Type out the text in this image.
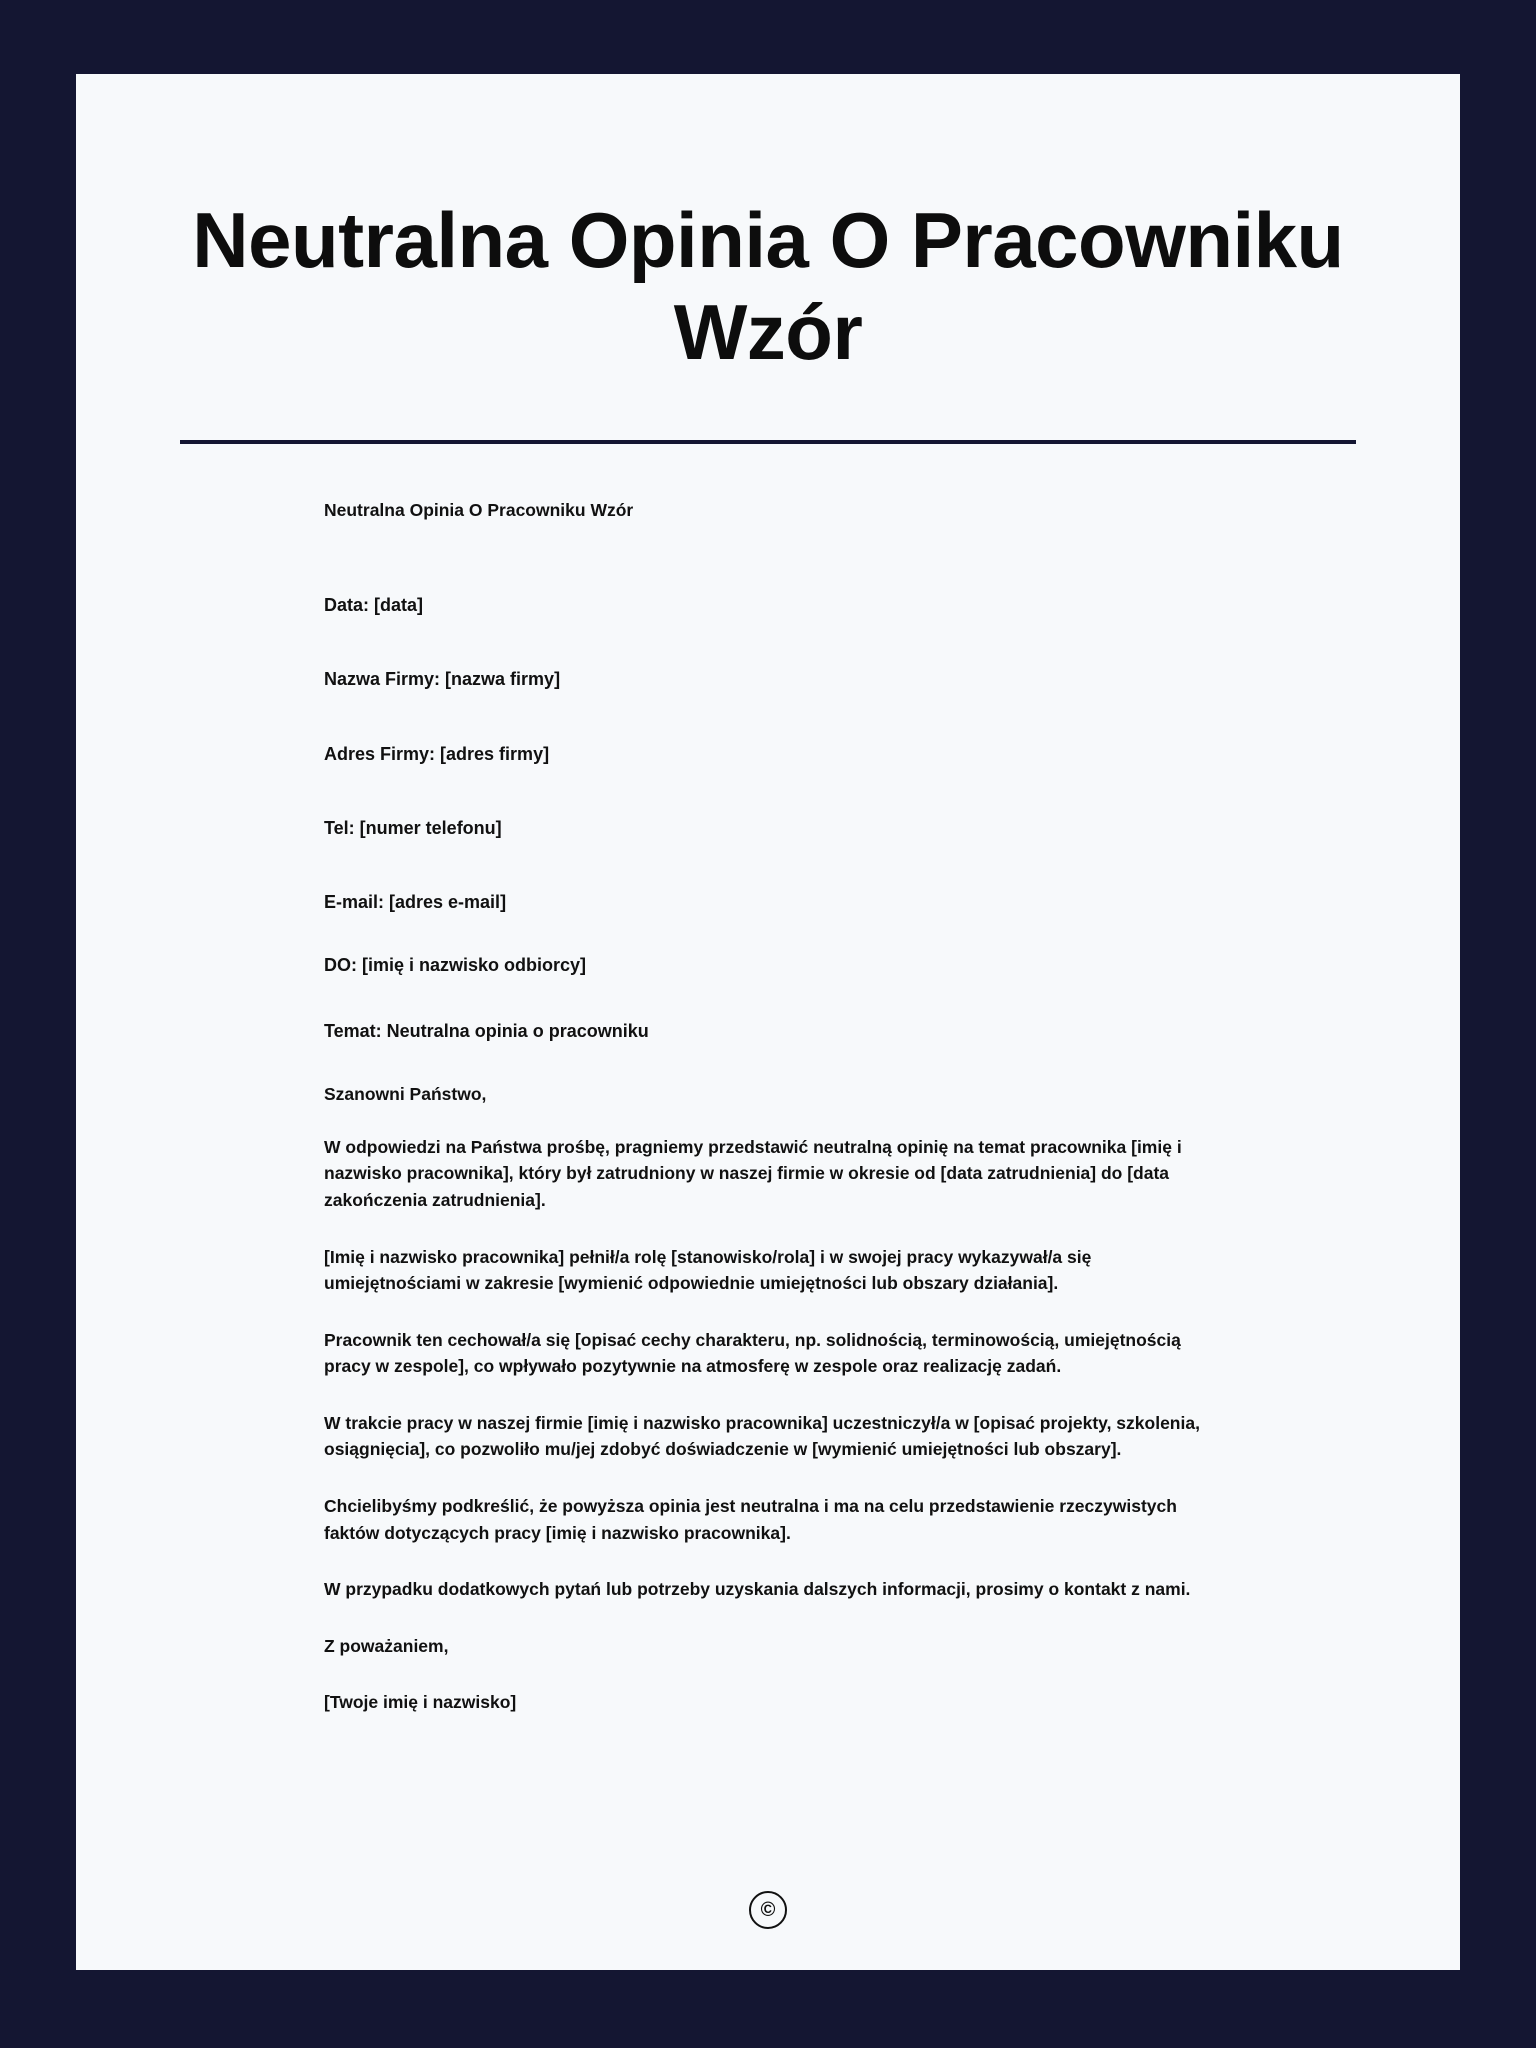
Neutralna Opinia O Pracowniku Wzór
Neutralna Opinia O Pracowniku Wzór
Data: [data]
Nazwa Firmy: [nazwa firmy]
Adres Firmy: [adres firmy]
Tel: [numer telefonu]
E-mail: [adres e-mail]
DO: [imię i nazwisko odbiorcy]
Temat: Neutralna opinia o pracowniku
Szanowni Państwo,

W odpowiedzi na Państwa prośbę, pragniemy przedstawić neutralną opinię na temat pracownika [imię i nazwisko pracownika], który był zatrudniony w naszej firmie w okresie od [data zatrudnienia] do [data zakończenia zatrudnienia].

[Imię i nazwisko pracownika] pełnił/a rolę [stanowisko/rola] i w swojej pracy wykazywał/a się umiejętnościami w zakresie [wymienić odpowiednie umiejętności lub obszary działania].

Pracownik ten cechował/a się [opisać cechy charakteru, np. solidnością, terminowością, umiejętnością pracy w zespole], co wpływało pozytywnie na atmosferę w zespole oraz realizację zadań.

W trakcie pracy w naszej firmie [imię i nazwisko pracownika] uczestniczył/a w [opisać projekty, szkolenia, osiągnięcia], co pozwoliło mu/jej zdobyć doświadczenie w [wymienić umiejętności lub obszary].

Chcielibyśmy podkreślić, że powyższa opinia jest neutralna i ma na celu przedstawienie rzeczywistych faktów dotyczących pracy [imię i nazwisko pracownika].

W przypadku dodatkowych pytań lub potrzeby uzyskania dalszych informacji, prosimy o kontakt z nami.

Z poważaniem,

[Twoje imię i nazwisko]

©
